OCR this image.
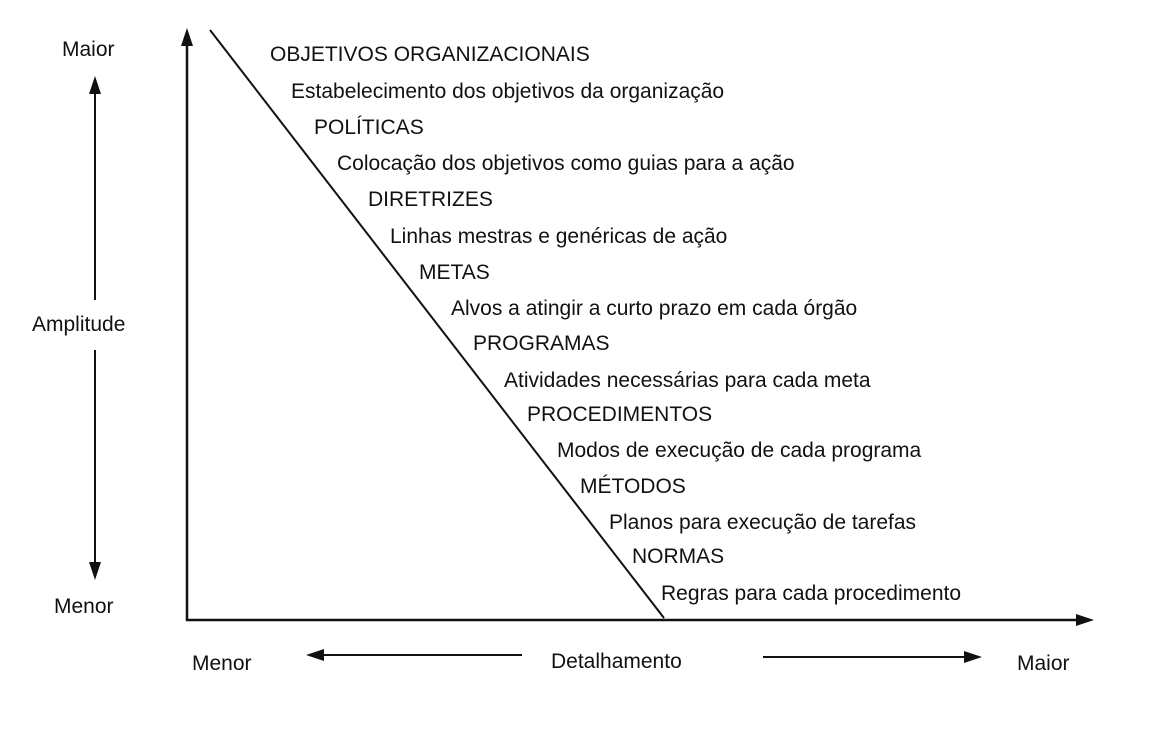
Maior
Amplitude
Menor
Menor	Detalhamento	Maior
OBJETIVOS ORGANIZACIONAIS
Estabelecimento dos objetivos da organização
POLÍTICAS
Colocação dos objetivos como guias para a ação
DIRETRIZES
Linhas mestras e genéricas de ação
METAS
Alvos a atingir a curto prazo em cada órgão
PROGRAMAS
Atividades necessárias para cada meta
PROCEDIMENTOS
Modos de execução de cada programa
MÉTODOS
Planos para execução de tarefas
NORMAS
Regras para cada procedimento
